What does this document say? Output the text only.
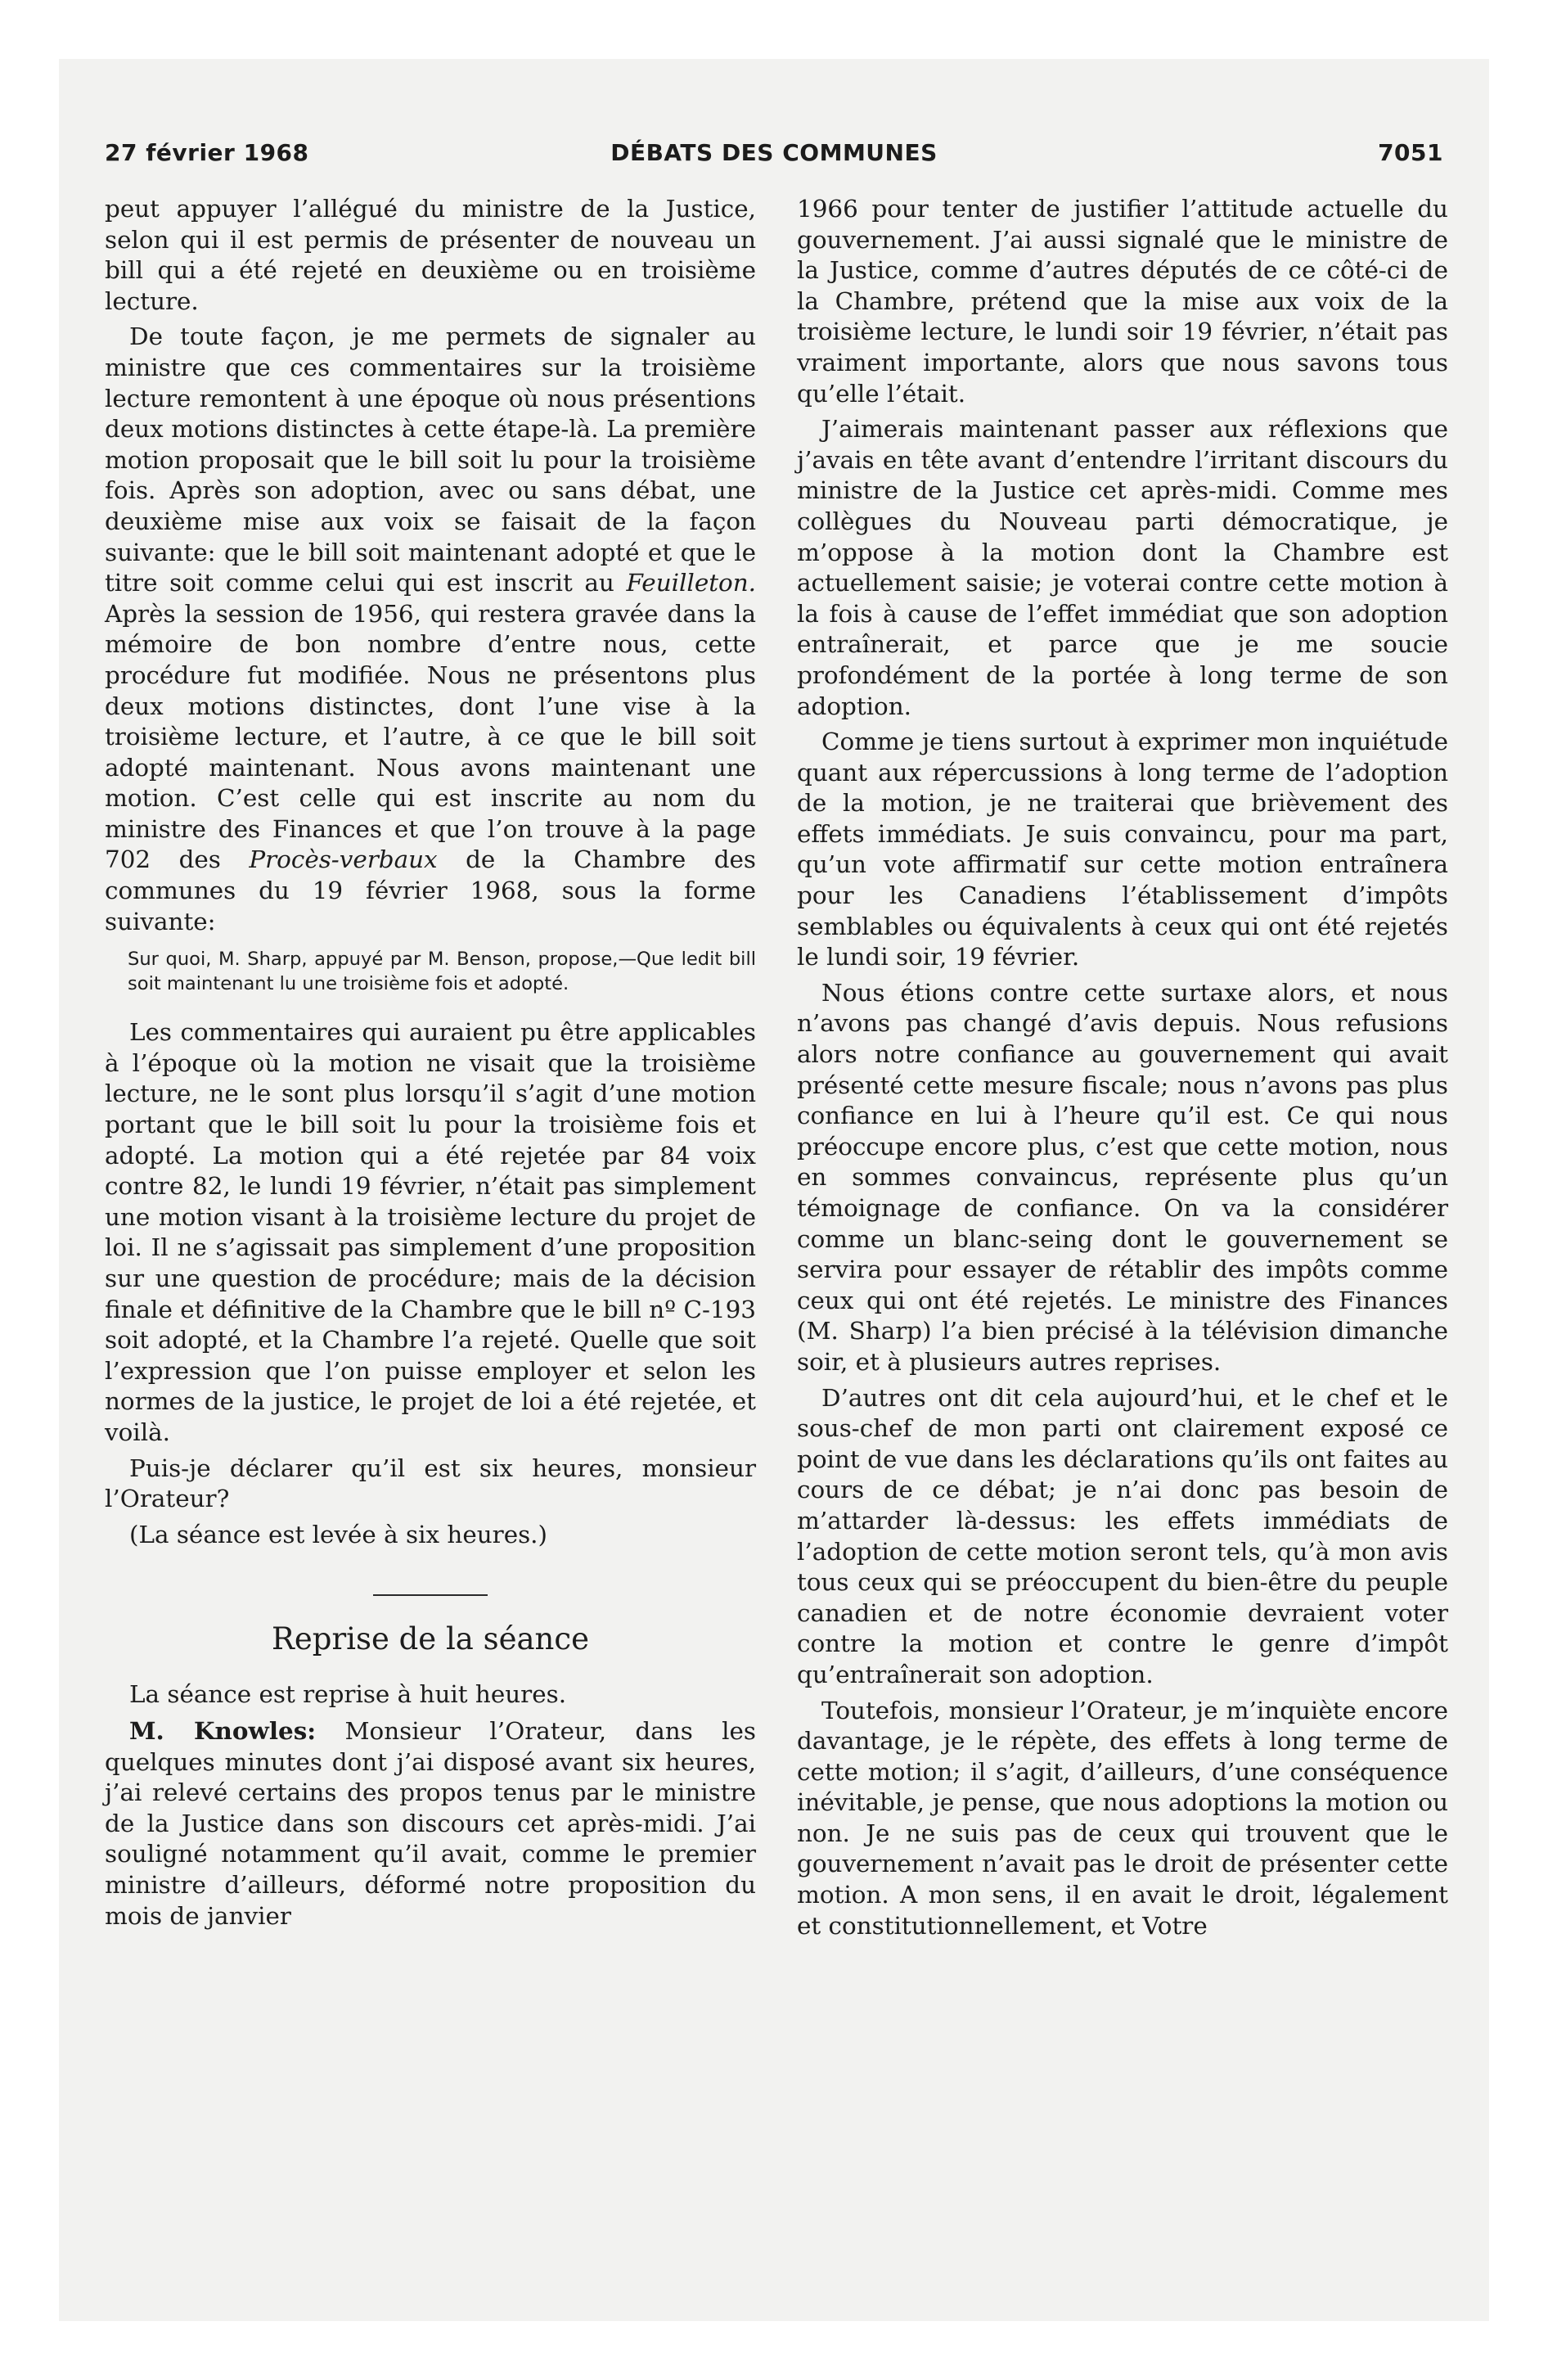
27 février 1968	DÉBATS DES COMMUNES	7051

peut appuyer l’allégué du ministre de la Justice, selon qui il est permis de présenter de nouveau un bill qui a été rejeté en deuxième ou en troisième lecture.

De toute façon, je me permets de signaler au ministre que ces commentaires sur la troisième lecture remontent à une époque où nous présentions deux motions distinctes à cette étape-là. La première motion proposait que le bill soit lu pour la troisième fois. Après son adoption, avec ou sans débat, une deuxième mise aux voix se faisait de la façon suivante: que le bill soit maintenant adopté et que le titre soit comme celui qui est inscrit au Feuilleton. Après la session de 1956, qui restera gravée dans la mémoire de bon nombre d’entre nous, cette procédure fut modifiée. Nous ne présentons plus deux motions distinctes, dont l’une vise à la troisième lecture, et l’autre, à ce que le bill soit adopté maintenant. Nous avons maintenant une motion. C’est celle qui est inscrite au nom du ministre des Finances et que l’on trouve à la page 702 des Procès-verbaux de la Chambre des communes du 19 février 1968, sous la forme suivante:

Sur quoi, M. Sharp, appuyé par M. Benson, propose,—Que ledit bill soit maintenant lu une troisième fois et adopté.

Les commentaires qui auraient pu être applicables à l’époque où la motion ne visait que la troisième lecture, ne le sont plus lorsqu’il s’agit d’une motion portant que le bill soit lu pour la troisième fois et adopté. La motion qui a été rejetée par 84 voix contre 82, le lundi 19 février, n’était pas simplement une motion visant à la troisième lecture du projet de loi. Il ne s’agissait pas simplement d’une proposition sur une question de procédure; mais de la décision finale et définitive de la Chambre que le bill nº C-193 soit adopté, et la Chambre l’a rejeté. Quelle que soit l’expression que l’on puisse employer et selon les normes de la justice, le projet de loi a été rejetée, et voilà.

Puis-je déclarer qu’il est six heures, monsieur l’Orateur?

(La séance est levée à six heures.)

Reprise de la séance

La séance est reprise à huit heures.

M. Knowles: Monsieur l’Orateur, dans les quelques minutes dont j’ai disposé avant six heures, j’ai relevé certains des propos tenus par le ministre de la Justice dans son discours cet après-midi. J’ai souligné notamment qu’il avait, comme le premier ministre d’ailleurs, déformé notre proposition du mois de janvier

1966 pour tenter de justifier l’attitude actuelle du gouvernement. J’ai aussi signalé que le ministre de la Justice, comme d’autres députés de ce côté-ci de la Chambre, prétend que la mise aux voix de la troisième lecture, le lundi soir 19 février, n’était pas vraiment importante, alors que nous savons tous qu’elle l’était.

J’aimerais maintenant passer aux réflexions que j’avais en tête avant d’entendre l’irritant discours du ministre de la Justice cet après-midi. Comme mes collègues du Nouveau parti démocratique, je m’oppose à la motion dont la Chambre est actuellement saisie; je voterai contre cette motion à la fois à cause de l’effet immédiat que son adoption entraînerait, et parce que je me soucie profondément de la portée à long terme de son adoption.

Comme je tiens surtout à exprimer mon inquiétude quant aux répercussions à long terme de l’adoption de la motion, je ne traiterai que brièvement des effets immédiats. Je suis convaincu, pour ma part, qu’un vote affirmatif sur cette motion entraînera pour les Canadiens l’établissement d’impôts semblables ou équivalents à ceux qui ont été rejetés le lundi soir, 19 février.

Nous étions contre cette surtaxe alors, et nous n’avons pas changé d’avis depuis. Nous refusions alors notre confiance au gouvernement qui avait présenté cette mesure fiscale; nous n’avons pas plus confiance en lui à l’heure qu’il est. Ce qui nous préoccupe encore plus, c’est que cette motion, nous en sommes convaincus, représente plus qu’un témoignage de confiance. On va la considérer comme un blanc-seing dont le gouvernement se servira pour essayer de rétablir des impôts comme ceux qui ont été rejetés. Le ministre des Finances (M. Sharp) l’a bien précisé à la télévision dimanche soir, et à plusieurs autres reprises.

D’autres ont dit cela aujourd’hui, et le chef et le sous-chef de mon parti ont clairement exposé ce point de vue dans les déclarations qu’ils ont faites au cours de ce débat; je n’ai donc pas besoin de m’attarder là-dessus: les effets immédiats de l’adoption de cette motion seront tels, qu’à mon avis tous ceux qui se préoccupent du bien-être du peuple canadien et de notre économie devraient voter contre la motion et contre le genre d’impôt qu’entraînerait son adoption.

Toutefois, monsieur l’Orateur, je m’inquiète encore davantage, je le répète, des effets à long terme de cette motion; il s’agit, d’ailleurs, d’une conséquence inévitable, je pense, que nous adoptions la motion ou non. Je ne suis pas de ceux qui trouvent que le gouvernement n’avait pas le droit de présenter cette motion. A mon sens, il en avait le droit, légalement et constitutionnellement, et Votre
